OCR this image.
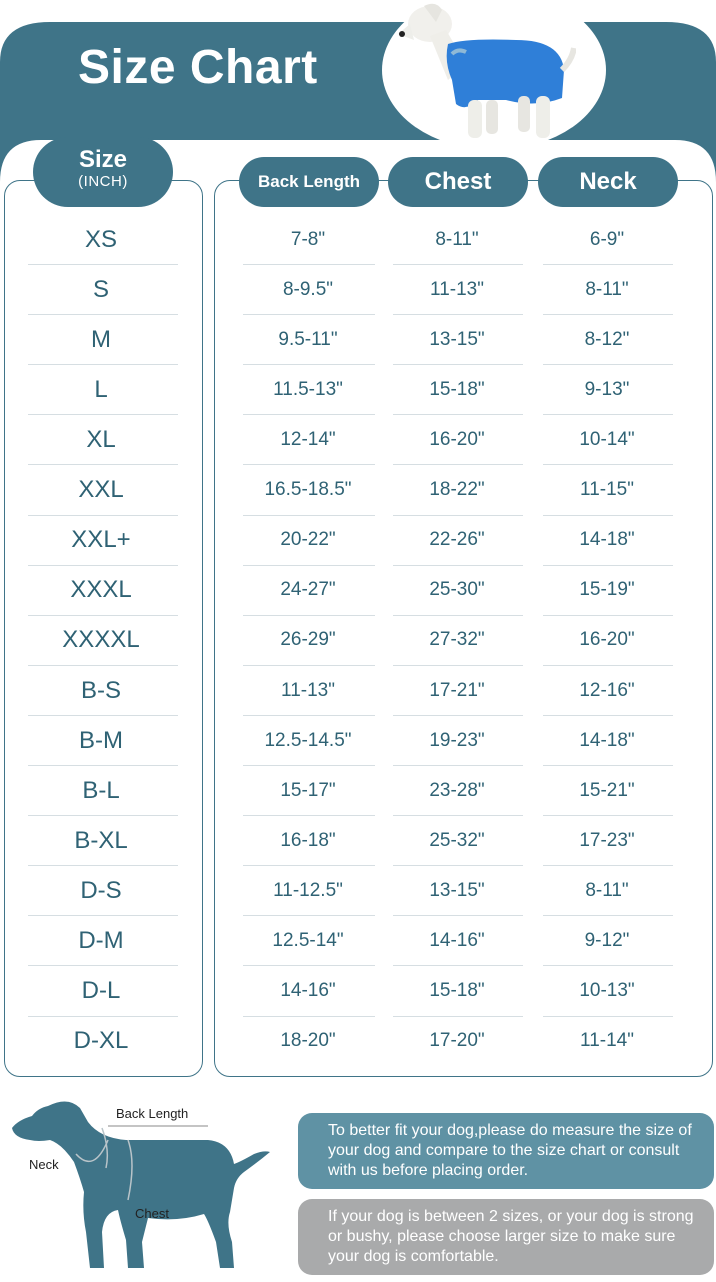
Size Chart
Size
(INCH)	Back Length	Chest	Neck
XS	7-8"	8-11"	6-9"
S	8-9.5"	11-13"	8-11"
M	9.5-11"	13-15"	8-12"
L	11.5-13"	15-18"	9-13"
XL	12-14"	16-20"	10-14"
XXL	16.5-18.5"	18-22"	11-15"
XXL+	20-22"	22-26"	14-18"
XXXL	24-27"	25-30"	15-19"
XXXXL	26-29"	27-32"	16-20"
B-S	11-13"	17-21"	12-16"
B-M	12.5-14.5"	19-23"	14-18"
B-L	15-17"	23-28"	15-21"
B-XL	16-18"	25-32"	17-23"
D-S	11-12.5"	13-15"	8-11"
D-M	12.5-14"	14-16"	9-12"
D-L	14-16"	15-18"	10-13"
D-XL	18-20"	17-20"	11-14"
Back Length
Neck
Chest
To better fit your dog,please do measure the size of your dog and compare to the size chart or consult with us before placing order.
If your dog is between 2 sizes, or your dog is strong or bushy, please choose larger size to make sure your dog is comfortable.
